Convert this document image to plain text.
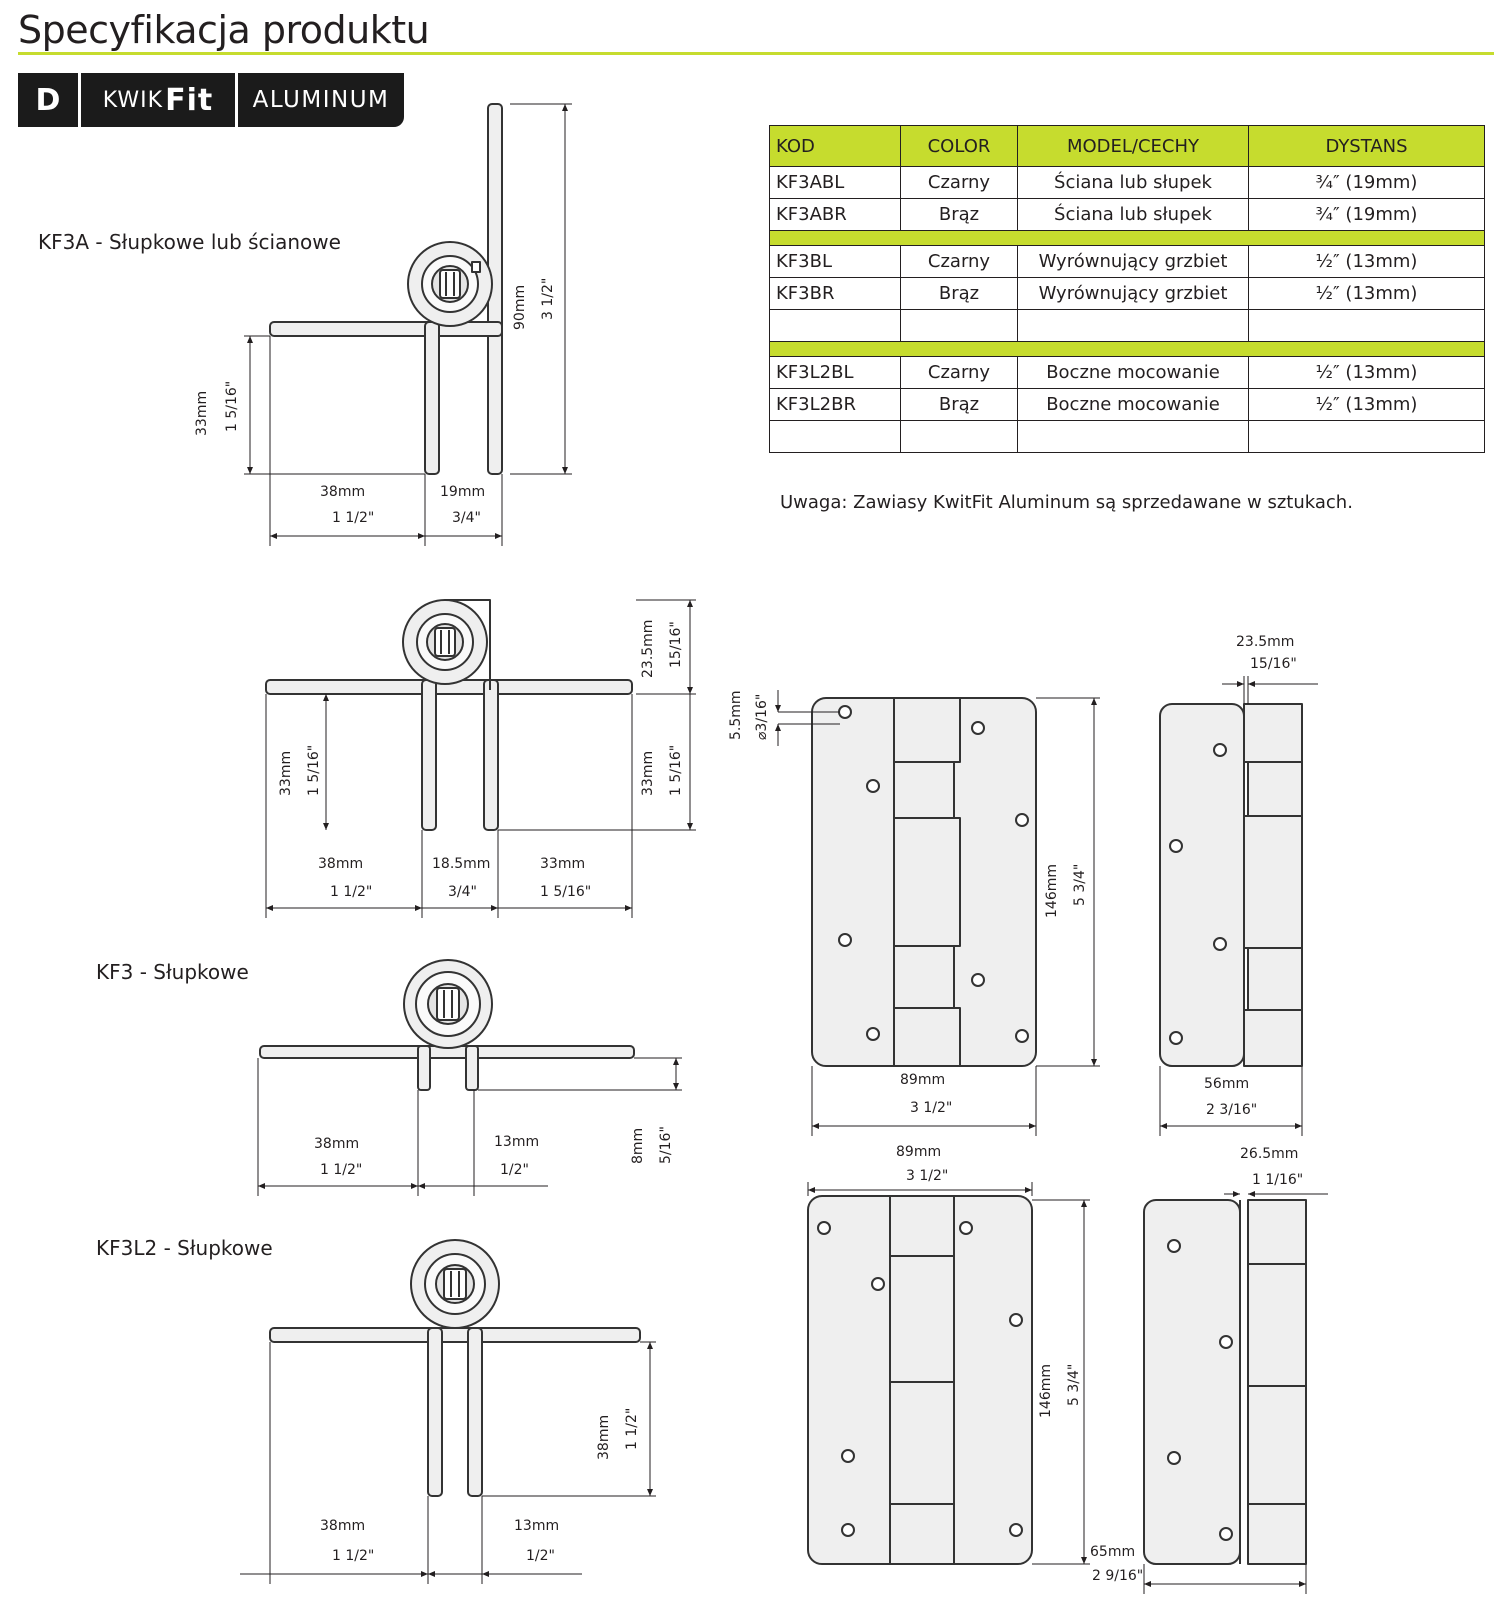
Specyfikacja produktu
D KWIK Fit	ALUMINUM
KF3A - Słupkowe lub ścianowe
KF3 - Słupkowe
KF3L2 - Słupkowe
KOD	COLOR	MODEL/CECHY	DYSTANS
KF3ABL	Czarny	Ściana lub słupek	¾″ (19mm)
KF3ABR	Brąz	Ściana lub słupek	¾″ (19mm)

KF3BL	Czarny	Wyrównujący grzbiet	½″ (13mm)
KF3BR	Brąz	Wyrównujący grzbiet	½″ (13mm)

KF3L2BL	Czarny	Boczne mocowanie	½″ (13mm)
KF3L2BR	Brąz	Boczne mocowanie	½″ (13mm)

Uwaga: Zawiasy KwitFit Aluminum są sprzedawane w sztukach.
90mm 3 1/2"
33mm 1 5/16"
38mm
1 1/2"
19mm
3/4"
23.5mm 15/16"
33mm 1 5/16"
33mm 1 5/16"
38mm
1 1/2"
18.5mm
3/4"
33mm
1 5/16"
8mm 5/16"
38mm
1 1/2"
13mm
1/2"
38mm 1 1/2"
38mm
1 1/2"
13mm
1/2"
5.5mm ⌀3/16"
146mm 5 3/4"
89mm
3 1/2"
23.5mm
15/16"
56mm
2 3/16"
89mm
3 1/2"
26.5mm
1 1/16"
146mm 5 3/4"
65mm
2 9/16"
